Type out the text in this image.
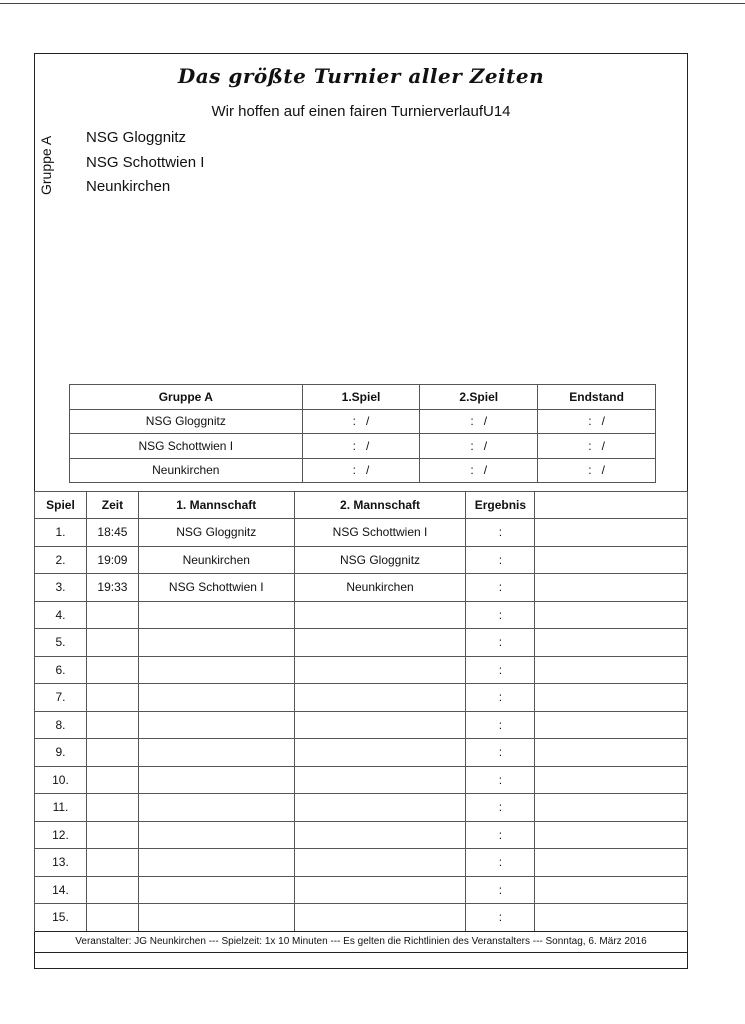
Das größte Turnier aller Zeiten
Wir hoffen auf einen fairen TurnierverlaufU14
Gruppe A NSG Gloggnitz
NSG Schottwien I
Neunkirchen
Gruppe A	1.Spiel	2.Spiel	Endstand
NSG Gloggnitz	:   /	:   /	:   /
NSG Schottwien I	:   /	:   /	:   /
Neunkirchen	:   /	:   /	:   /
Spiel	Zeit	1. Mannschaft	2. Mannschaft	Ergebnis	
1.	18:45	NSG Gloggnitz	NSG Schottwien I	:	
2.	19:09	Neunkirchen	NSG Gloggnitz	:	
3.	19:33	NSG Schottwien I	Neunkirchen	:	
4.				:	
5.				:	
6.				:	
7.				:	
8.				:	
9.				:	
10.				:	
11.				:	
12.				:	
13.				:	
14.				:	
15.				:	
Veranstalter: JG Neunkirchen --- Spielzeit: 1x 10 Minuten --- Es gelten die Richtlinien des Veranstalters --- Sonntag, 6. März 2016
